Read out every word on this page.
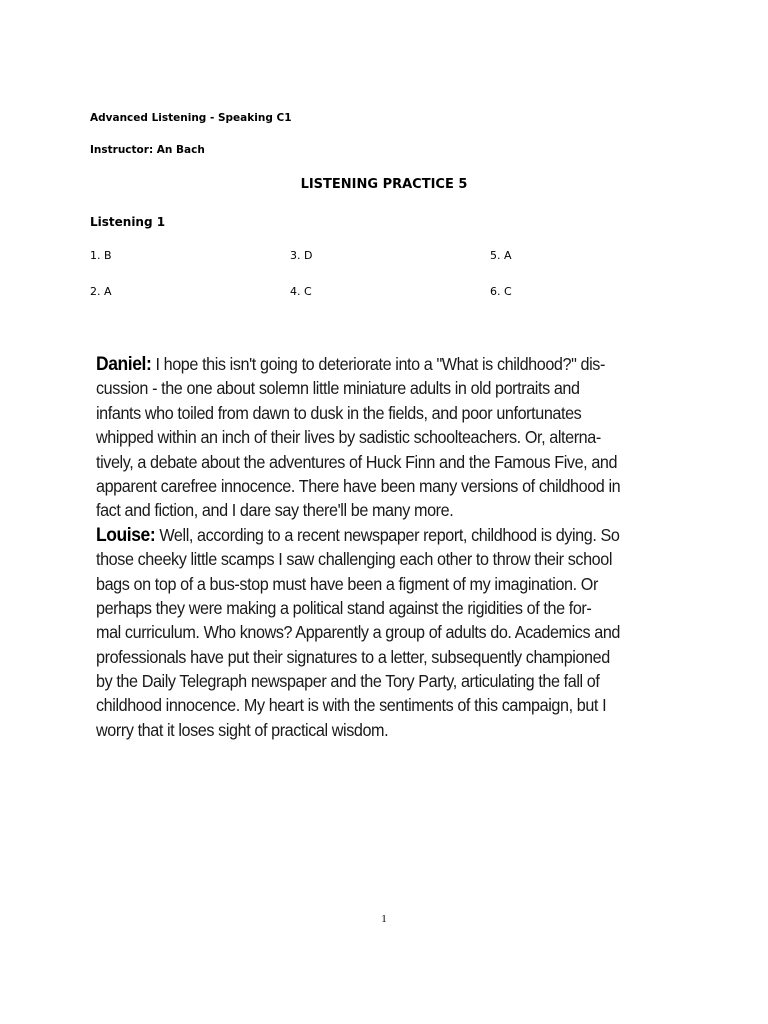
Advanced Listening - Speaking C1
Instructor: An Bach
LISTENING PRACTICE 5
Listening 1
1. B	3. D	5. A
2. A	4. C	6. C
Daniel: I hope this isn't going to deteriorate into a "What is childhood?" dis-
cussion - the one about solemn little miniature adults in old portraits and
infants who toiled from dawn to dusk in the fields, and poor unfortunates
whipped within an inch of their lives by sadistic schoolteachers. Or, alterna-
tively, a debate about the adventures of Huck Finn and the Famous Five, and
apparent carefree innocence. There have been many versions of childhood in
fact and fiction, and I dare say there'll be many more.
Louise: Well, according to a recent newspaper report, childhood is dying. So
those cheeky little scamps I saw challenging each other to throw their school
bags on top of a bus-stop must have been a figment of my imagination. Or
perhaps they were making a political stand against the rigidities of the for-
mal curriculum. Who knows? Apparently a group of adults do. Academics and
professionals have put their signatures to a letter, subsequently championed
by the Daily Telegraph newspaper and the Tory Party, articulating the fall of
childhood innocence. My heart is with the sentiments of this campaign, but I
worry that it loses sight of practical wisdom.
1
